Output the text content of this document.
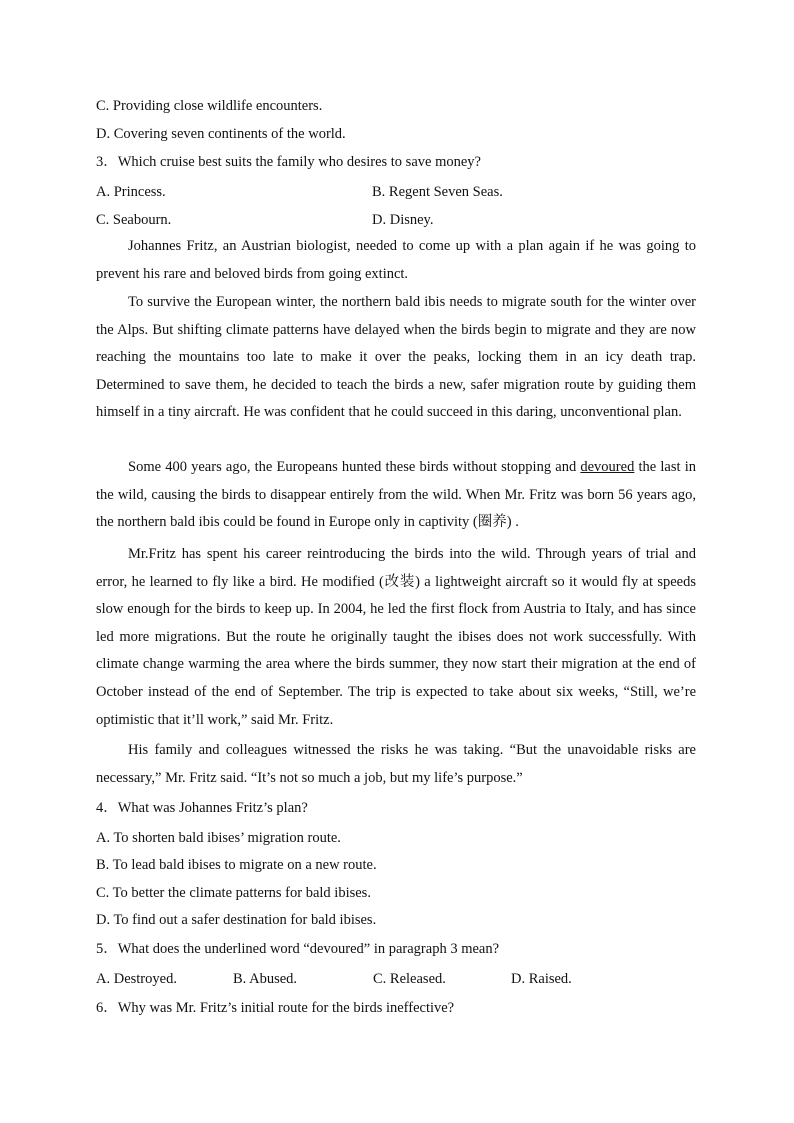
C. Providing close wildlife encounters.
D. Covering seven continents of the world.
3．Which cruise best suits the family who desires to save money?
A. Princess.	B. Regent Seven Seas.
C. Seabourn.	D. Disney.
Johannes Fritz, an Austrian biologist, needed to come up with a plan again if he was going to prevent his rare and beloved birds from going extinct.
To survive the European winter, the northern bald ibis needs to migrate south for the winter over the Alps. But shifting climate patterns have delayed when the birds begin to migrate and they are now reaching the mountains too late to make it over the peaks, locking them in an icy death trap. Determined to save them, he decided to teach the birds a new, safer migration route by guiding them himself in a tiny aircraft. He was confident that he could succeed in this daring, unconventional plan.
Some 400 years ago, the Europeans hunted these birds without stopping and devoured the last in the wild, causing the birds to disappear entirely from the wild. When Mr. Fritz was born 56 years ago, the northern bald ibis could be found in Europe only in captivity (圈养) .
Mr.Fritz has spent his career reintroducing the birds into the wild. Through years of trial and error, he learned to fly like a bird. He modified (改装) a lightweight aircraft so it would fly at speeds slow enough for the birds to keep up. In 2004, he led the first flock from Austria to Italy, and has since led more migrations. But the route he originally taught the ibises does not work successfully. With climate change warming the area where the birds summer, they now start their migration at the end of October instead of the end of September. The trip is expected to take about six weeks, “Still, we’re optimistic that it’ll work,” said Mr. Fritz.
His family and colleagues witnessed the risks he was taking. “But the unavoidable risks are necessary,” Mr. Fritz said. “It’s not so much a job, but my life’s purpose.”
4．What was Johannes Fritz’s plan?
A. To shorten bald ibises’ migration route.
B. To lead bald ibises to migrate on a new route.
C. To better the climate patterns for bald ibises.
D. To find out a safer destination for bald ibises.
5．What does the underlined word “devoured” in paragraph 3 mean?
A. Destroyed.	B. Abused.	C. Released.	D. Raised.
6．Why was Mr. Fritz’s initial route for the birds ineffective?
